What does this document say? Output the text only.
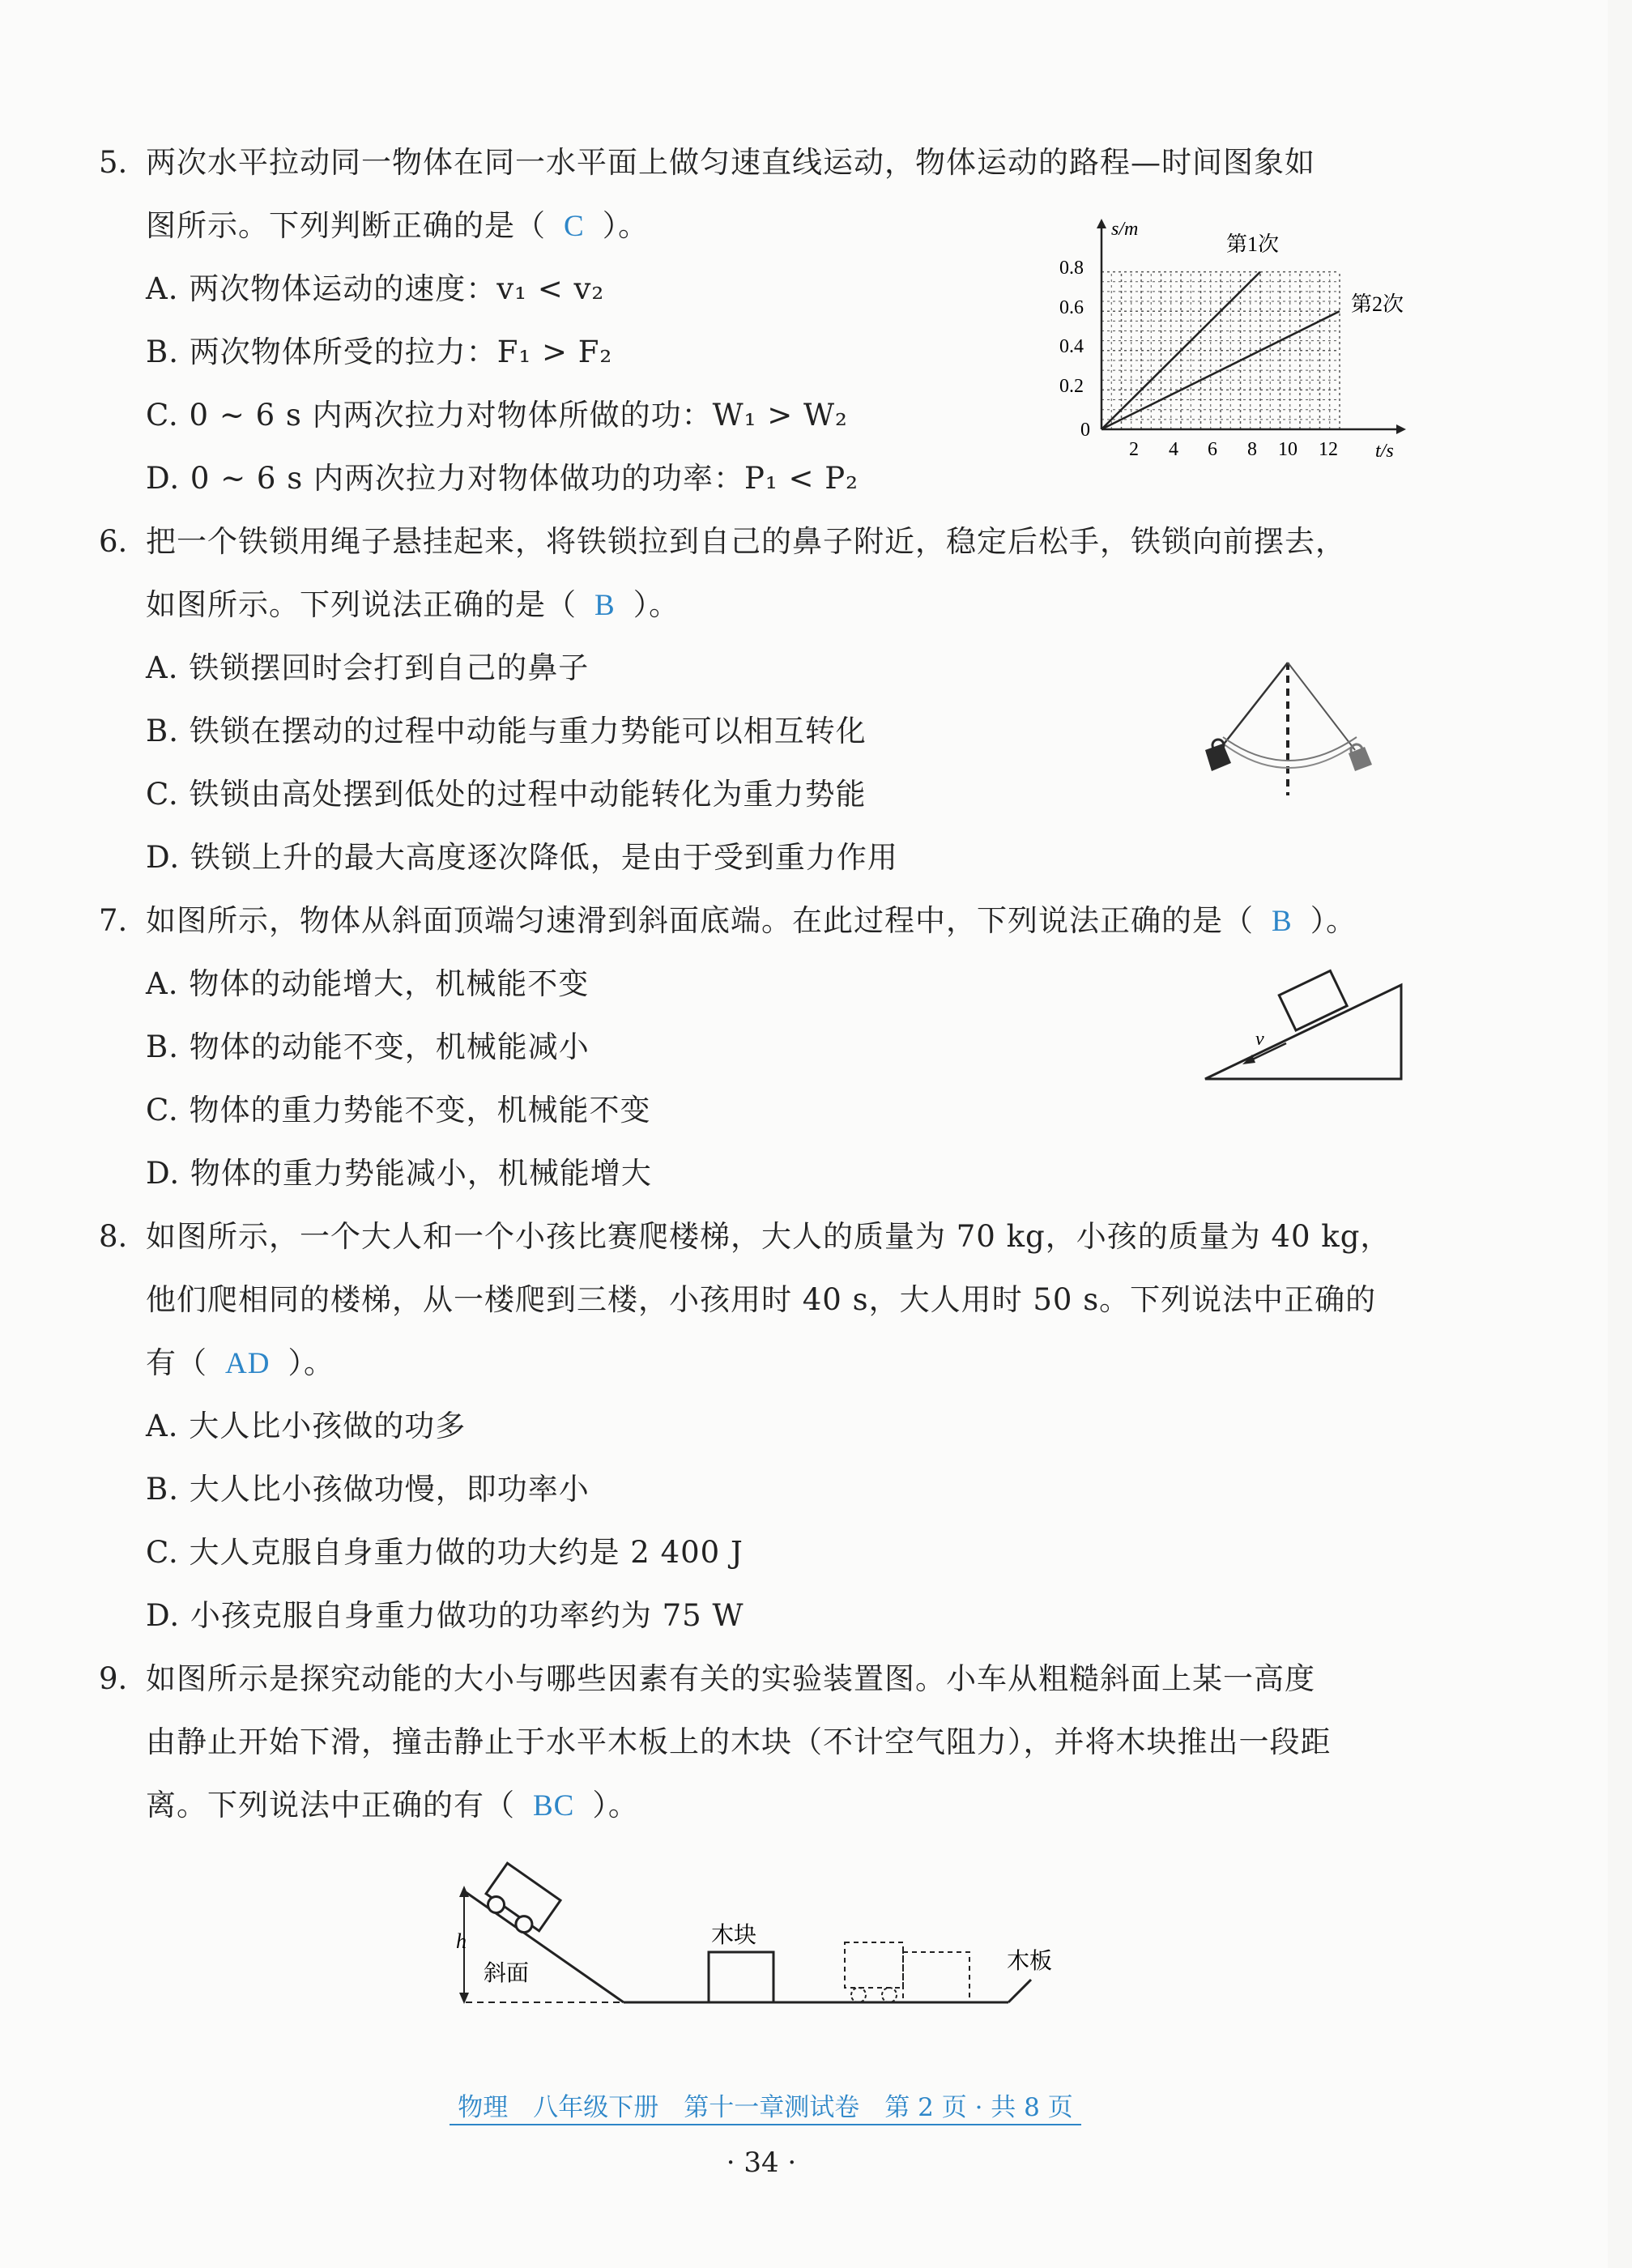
5. 两次水平拉动同一物体在同一水平面上做匀速直线运动，物体运动的路程—时间图象如
图所示。下列判断正确的是（ C ）。
A. 两次物体运动的速度：v₁ < v₂
B. 两次物体所受的拉力：F₁ > F₂
C. 0 ~ 6 s 内两次拉力对物体所做的功：W₁ > W₂
D. 0 ~ 6 s 内两次拉力对物体做功的功率：P₁ < P₂
s/m
t/s
0.8
0.6
0.4
0.2
0
2 4 6 8 10 12
第1次
第2次
6. 把一个铁锁用绳子悬挂起来，将铁锁拉到自己的鼻子附近，稳定后松手，铁锁向前摆去，
如图所示。下列说法正确的是（ B ）。
A. 铁锁摆回时会打到自己的鼻子
B. 铁锁在摆动的过程中动能与重力势能可以相互转化
C. 铁锁由高处摆到低处的过程中动能转化为重力势能
D. 铁锁上升的最大高度逐次降低，是由于受到重力作用
7. 如图所示，物体从斜面顶端匀速滑到斜面底端。在此过程中，下列说法正确的是（ B ）。
A. 物体的动能增大，机械能不变
B. 物体的动能不变，机械能减小
C. 物体的重力势能不变，机械能不变
D. 物体的重力势能减小，机械能增大
v
8. 如图所示，一个大人和一个小孩比赛爬楼梯，大人的质量为 70 kg，小孩的质量为 40 kg，
他们爬相同的楼梯，从一楼爬到三楼，小孩用时 40 s，大人用时 50 s。下列说法中正确的
有（ AD ）。
A. 大人比小孩做的功多
B. 大人比小孩做功慢，即功率小
C. 大人克服自身重力做的功大约是 2 400 J
D. 小孩克服自身重力做功的功率约为 75 W
9. 如图所示是探究动能的大小与哪些因素有关的实验装置图。小车从粗糙斜面上某一高度
由静止开始下滑，撞击静止于水平木板上的木块（不计空气阻力），并将木块推出一段距
离。下列说法中正确的有（ BC ）。
h
斜面
木块
木板
物理　八年级下册　第十一章测试卷　第 2 页 · 共 8 页
· 34 ·
